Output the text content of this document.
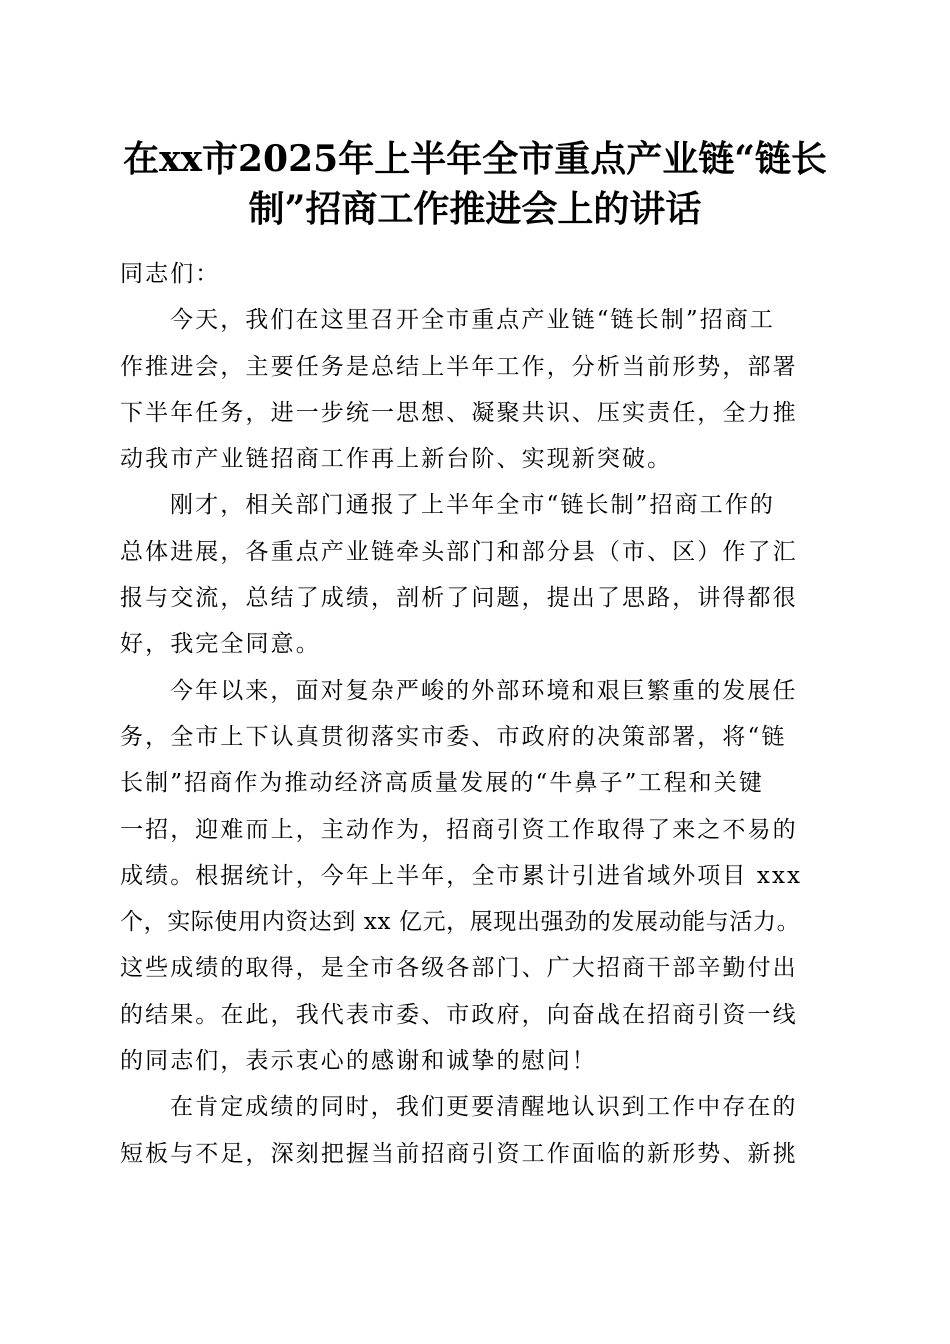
在xx市2025年上半年全市重点产业链“链长
制”招商工作推进会上的讲话
同志们：
今天，我们在这里召开全市重点产业链“链长制”招商工
作推进会，主要任务是总结上半年工作，分析当前形势，部署
下半年任务，进一步统一思想、凝聚共识、压实责任，全力推
动我市产业链招商工作再上新台阶、实现新突破。
刚才，相关部门通报了上半年全市“链长制”招商工作的
总体进展，各重点产业链牵头部门和部分县（市、区）作了汇
报与交流，总结了成绩，剖析了问题，提出了思路，讲得都很
好，我完全同意。
今年以来，面对复杂严峻的外部环境和艰巨繁重的发展任
务，全市上下认真贯彻落实市委、市政府的决策部署，将“链
长制”招商作为推动经济高质量发展的“牛鼻子”工程和关键
一招，迎难而上，主动作为，招商引资工作取得了来之不易的
成绩。根据统计，今年上半年，全市累计引进省域外项目 xxx
个，实际使用内资达到 xx 亿元，展现出强劲的发展动能与活力。
这些成绩的取得，是全市各级各部门、广大招商干部辛勤付出
的结果。在此，我代表市委、市政府，向奋战在招商引资一线
的同志们，表示衷心的感谢和诚挚的慰问！
在肯定成绩的同时，我们更要清醒地认识到工作中存在的
短板与不足，深刻把握当前招商引资工作面临的新形势、新挑
